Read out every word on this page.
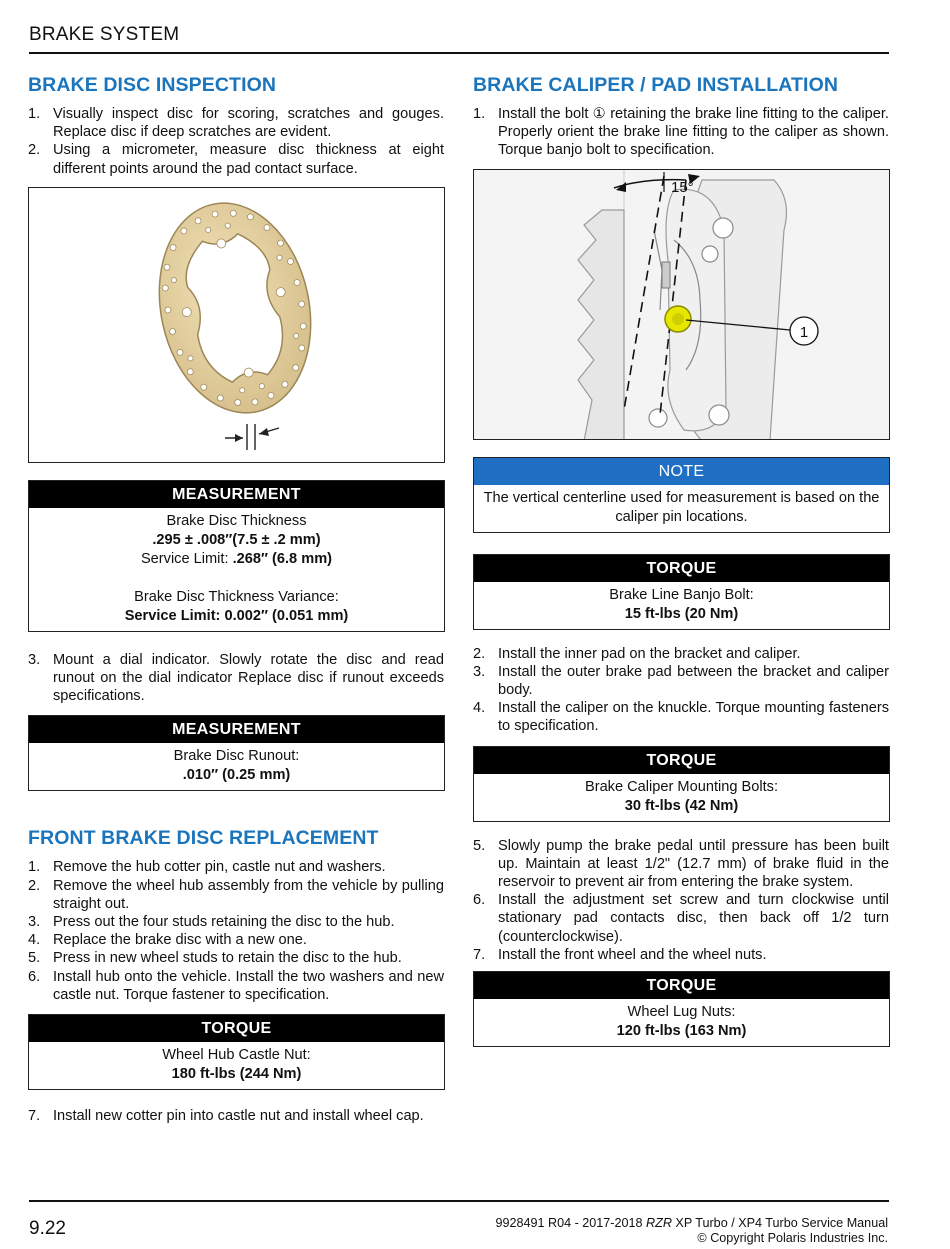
BRAKE SYSTEM
BRAKE DISC INSPECTION
1. Visually inspect disc for scoring, scratches and gouges. Replace disc if deep scratches are evident.
2. Using a micrometer, measure disc thickness at eight different points around the pad contact surface.
MEASUREMENT
Brake Disc Thickness
.295 ± .008″(7.5 ± .2 mm)
Service Limit: .268″ (6.8 mm)
Brake Disc Thickness Variance:
Service Limit: 0.002″ (0.051 mm)
3. Mount a dial indicator. Slowly rotate the disc and read runout on the dial indicator Replace disc if runout exceeds specifications.
MEASUREMENT
Brake Disc Runout:
.010″ (0.25 mm)
FRONT BRAKE DISC REPLACEMENT
1. Remove the hub cotter pin, castle nut and washers.
2. Remove the wheel hub assembly from the vehicle by pulling straight out.
3. Press out the four studs retaining the disc to the hub.
4. Replace the brake disc with a new one.
5. Press in new wheel studs to retain the disc to the hub.
6. Install hub onto the vehicle. Install the two washers and new castle nut. Torque fastener to specification.
TORQUE
Wheel Hub Castle Nut:
180 ft-lbs (244 Nm)
7. Install new cotter pin into castle nut and install wheel cap.
BRAKE CALIPER / PAD INSTALLATION
1. Install the bolt ① retaining the brake line fitting to the caliper. Properly orient the brake line fitting to the caliper as shown. Torque banjo bolt to specification.
15°
1
NOTE
The vertical centerline used for measurement is based on the caliper pin locations.
TORQUE
Brake Line Banjo Bolt:
15 ft-lbs (20 Nm)
2. Install the inner pad on the bracket and caliper.
3. Install the outer brake pad between the bracket and caliper body.
4. Install the caliper on the knuckle. Torque mounting fasteners to specification.
TORQUE
Brake Caliper Mounting Bolts:
30 ft-lbs (42 Nm)
5. Slowly pump the brake pedal until pressure has been built up. Maintain at least 1/2" (12.7 mm) of brake fluid in the reservoir to prevent air from entering the brake system.
6. Install the adjustment set screw and turn clockwise until stationary pad contacts disc, then back off 1/2 turn (counterclockwise).
7. Install the front wheel and the wheel nuts.
TORQUE
Wheel Lug Nuts:
120 ft-lbs (163 Nm)
9.22	9928491 R04 - 2017-2018 RZR XP Turbo / XP4 Turbo Service Manual
© Copyright Polaris Industries Inc.
